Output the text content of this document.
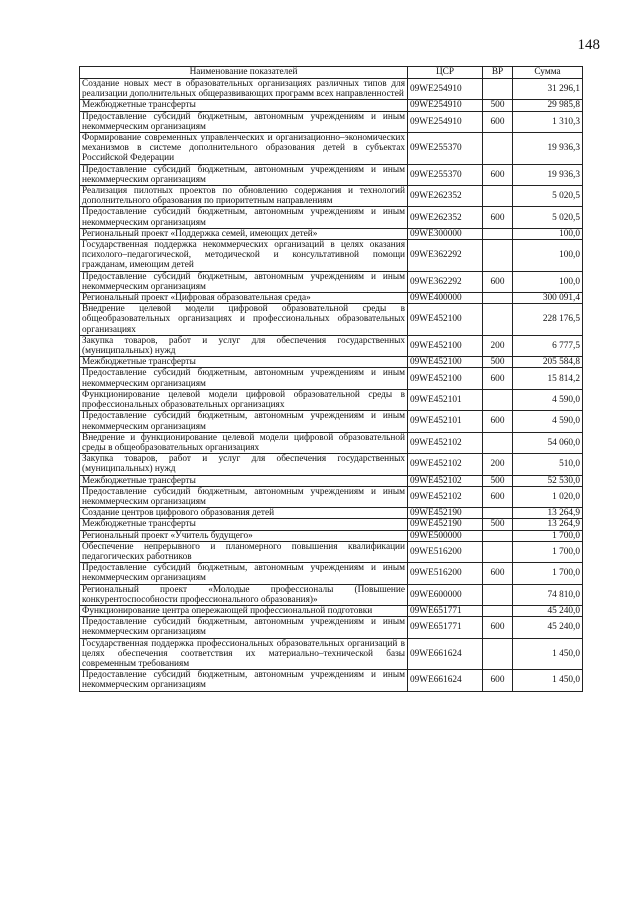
148
Наименование показателей	ЦСР	ВР	Сумма
Создание новых мест в образовательных организациях различных типов для реализации дополнительных общеразвивающих программ всех направленностей	09WE254910		31 296,1
Межбюджетные трансферты	09WE254910	500	29 985,8
Предоставление субсидий бюджетным, автономным учреждениям и иным некоммерческим организациям	09WE254910	600	1 310,3
Формирование современных управленческих и организационно–экономических механизмов в системе дополнительного образования детей в субъектах Российской Федерации	09WE255370		19 936,3
Предоставление субсидий бюджетным, автономным учреждениям и иным некоммерческим организациям	09WE255370	600	19 936,3
Реализация пилотных проектов по обновлению содержания и технологий дополнительного образования по приоритетным направлениям	09WE262352		5 020,5
Предоставление субсидий бюджетным, автономным учреждениям и иным некоммерческим организациям	09WE262352	600	5 020,5
Региональный проект «Поддержка семей, имеющих детей»	09WE300000		100,0
Государственная поддержка некоммерческих организаций в целях оказания психолого–педагогической, методической и консультативной помощи гражданам, имеющим детей	09WE362292		100,0
Предоставление субсидий бюджетным, автономным учреждениям и иным некоммерческим организациям	09WE362292	600	100,0
Региональный проект «Цифровая образовательная среда»	09WE400000		300 091,4
Внедрение целевой модели цифровой образовательной среды в общеобразовательных организациях и профессиональных образовательных организациях	09WE452100		228 176,5
Закупка товаров, работ и услуг для обеспечения государственных (муниципальных) нужд	09WE452100	200	6 777,5
Межбюджетные трансферты	09WE452100	500	205 584,8
Предоставление субсидий бюджетным, автономным учреждениям и иным некоммерческим организациям	09WE452100	600	15 814,2
Функционирование целевой модели цифровой образовательной среды в профессиональных образовательных организациях	09WE452101		4 590,0
Предоставление субсидий бюджетным, автономным учреждениям и иным некоммерческим организациям	09WE452101	600	4 590,0
Внедрение и функционирование целевой модели цифровой образовательной среды в общеобразовательных организациях	09WE452102		54 060,0
Закупка товаров, работ и услуг для обеспечения государственных (муниципальных) нужд	09WE452102	200	510,0
Межбюджетные трансферты	09WE452102	500	52 530,0
Предоставление субсидий бюджетным, автономным учреждениям и иным некоммерческим организациям	09WE452102	600	1 020,0
Создание центров цифрового образования детей	09WE452190		13 264,9
Межбюджетные трансферты	09WE452190	500	13 264,9
Региональный проект «Учитель будущего»	09WE500000		1 700,0
Обеспечение непрерывного и планомерного повышения квалификации педагогических работников	09WE516200		1 700,0
Предоставление субсидий бюджетным, автономным учреждениям и иным некоммерческим организациям	09WE516200	600	1 700,0
Региональный проект «Молодые профессионалы (Повышение конкурентоспособности профессионального образования)»	09WE600000		74 810,0
Функционирование центра опережающей профессиональной подготовки	09WE651771		45 240,0
Предоставление субсидий бюджетным, автономным учреждениям и иным некоммерческим организациям	09WE651771	600	45 240,0
Государственная поддержка профессиональных образовательных организаций в целях обеспечения соответствия их материально–технической базы современным требованиям	09WE661624		1 450,0
Предоставление субсидий бюджетным, автономным учреждениям и иным некоммерческим организациям	09WE661624	600	1 450,0
